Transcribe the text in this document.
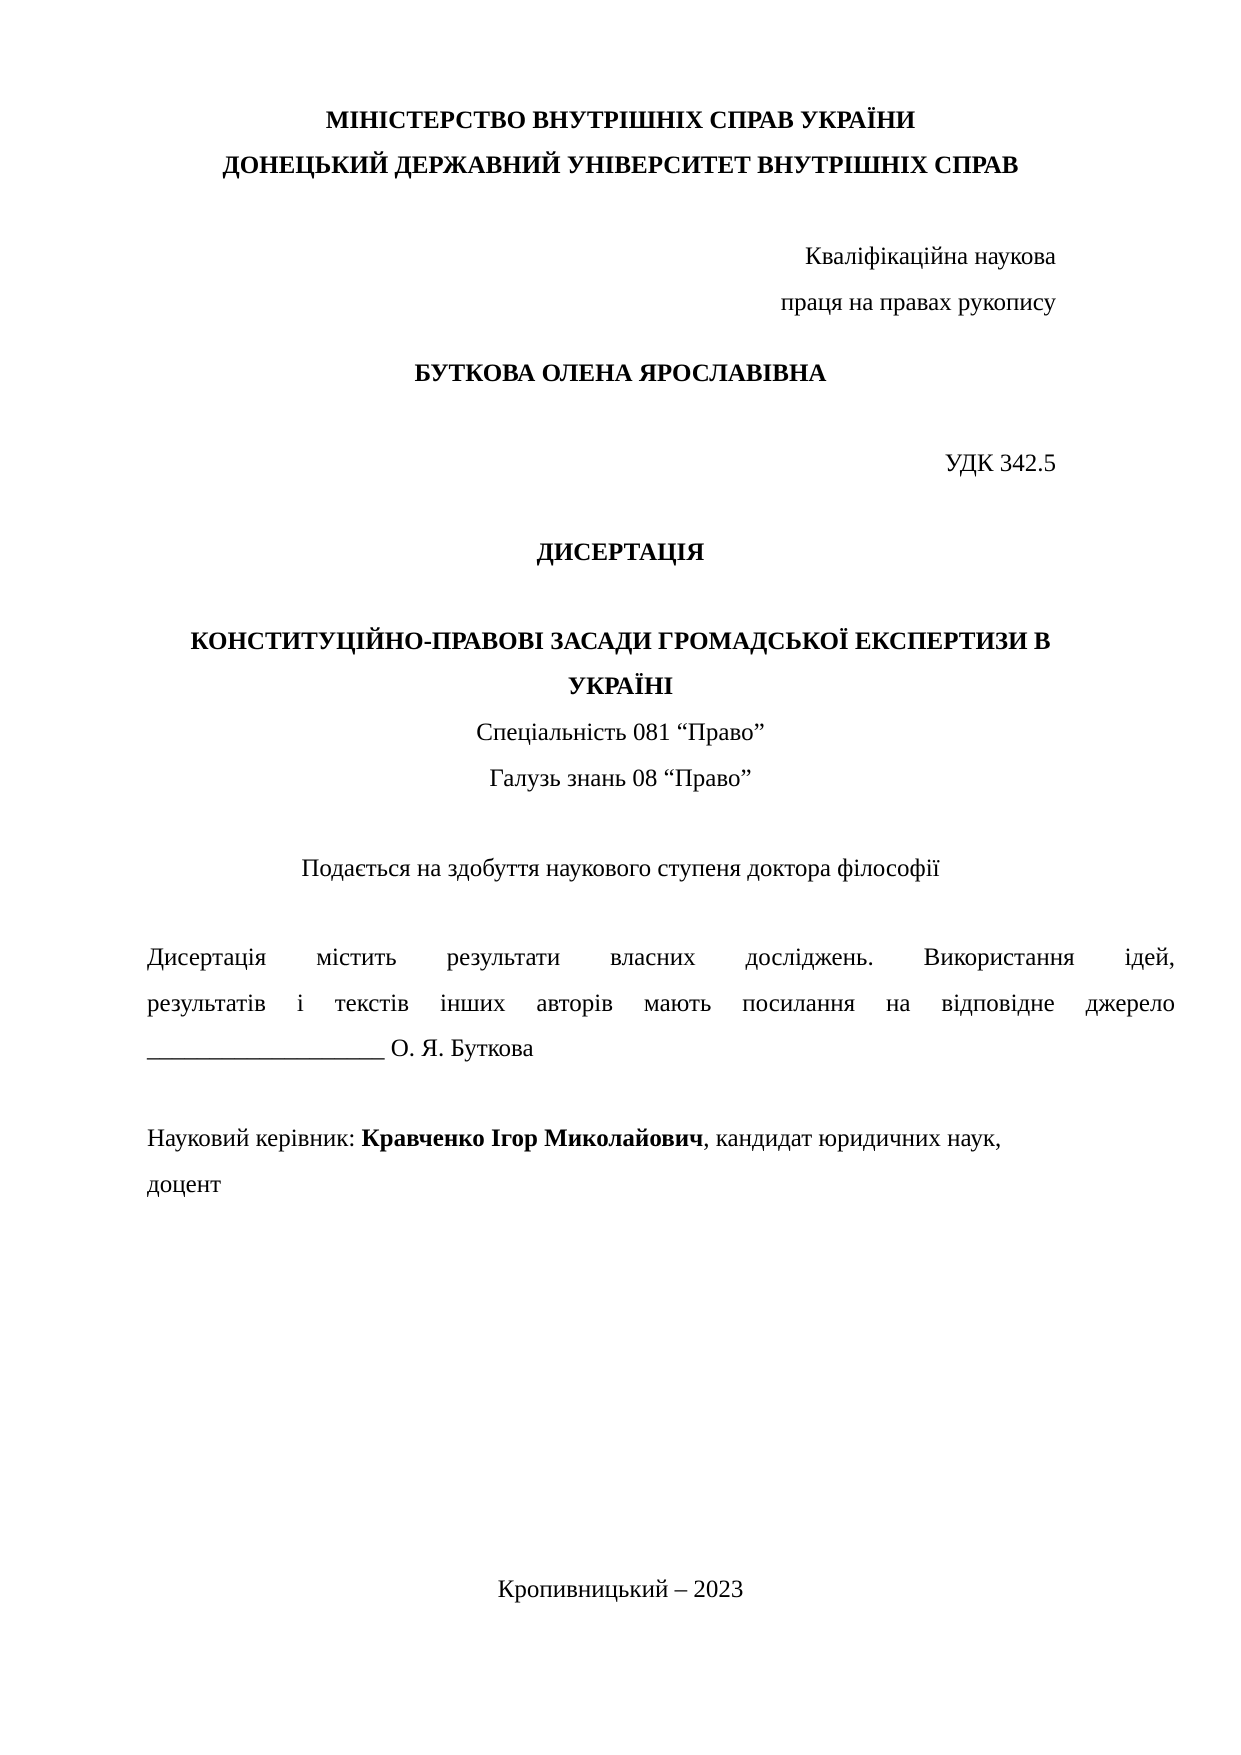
МІНІСТЕРСТВО ВНУТРІШНІХ СПРАВ УКРАЇНИ
ДОНЕЦЬКИЙ ДЕРЖАВНИЙ УНІВЕРСИТЕТ ВНУТРІШНІХ СПРАВ
Кваліфікаційна наукова
праця на правах рукопису
БУТКОВА ОЛЕНА ЯРОСЛАВІВНА
УДК 342.5
ДИСЕРТАЦІЯ
КОНСТИТУЦІЙНО-ПРАВОВІ ЗАСАДИ ГРОМАДСЬКОЇ ЕКСПЕРТИЗИ В
УКРАЇНІ
Спеціальність 081 “Право”
Галузь знань 08 “Право”
Подається на здобуття наукового ступеня доктора філософії
Дисертація містить результати власних досліджень. Використання ідей,
результатів і текстів інших авторів мають посилання на відповідне джерело
___________________ О. Я. Буткова
Науковий керівник: Кравченко Ігор Миколайович, кандидат юридичних наук,
доцент
Кропивницький – 2023
